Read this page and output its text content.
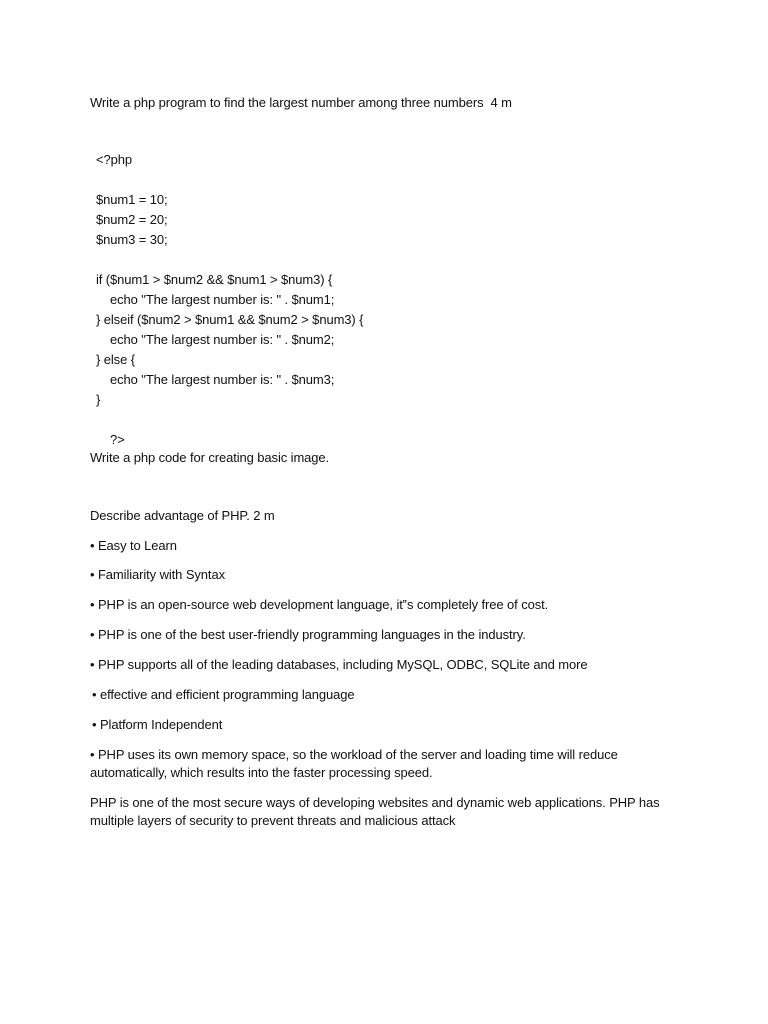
Write a php program to find the largest number among three numbers  4 m
<?php
$num1 = 10;
$num2 = 20;
$num3 = 30;
if ($num1 > $num2 && $num1 > $num3) {
echo "The largest number is: " . $num1;
} elseif ($num2 > $num1 && $num2 > $num3) {
echo "The largest number is: " . $num2;
} else {
echo "The largest number is: " . $num3;
}
?>
Write a php code for creating basic image.
Describe advantage of PHP. 2 m
• Easy to Learn
• Familiarity with Syntax
• PHP is an open-source web development language, it‟s completely free of cost.
• PHP is one of the best user-friendly programming languages in the industry.
• PHP supports all of the leading databases, including MySQL, ODBC, SQLite and more
• effective and efficient programming language
• Platform Independent
• PHP uses its own memory space, so the workload of the server and loading time will reduce automatically, which results into the faster processing speed.
PHP is one of the most secure ways of developing websites and dynamic web applications. PHP has multiple layers of security to prevent threats and malicious attack
